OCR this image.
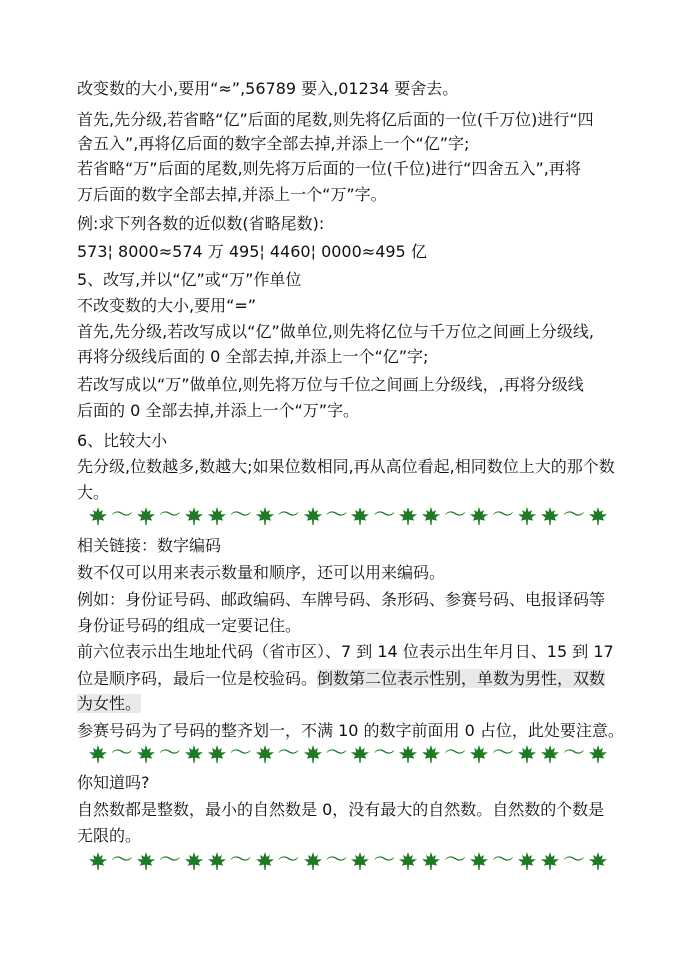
改变数的大小,要用“≈”,56789 要入,01234 要舍去。
首先,先分级,若省略“亿”后面的尾数,则先将亿后面的一位(千万位)进行“四
舍五入”,再将亿后面的数字全部去掉,并添上一个“亿”字;
若省略“万”后面的尾数,则先将万后面的一位(千位)进行“四舍五入”,再将
万后面的数字全部去掉,并添上一个“万”字。
例:求下列各数的近似数(省略尾数):
573¦ 8000≈574 万 495¦ 4460¦ 0000≈495 亿
5、改写,并以“亿”或“万”作单位
不改变数的大小,要用“=”
首先,先分级,若改写成以“亿”做单位,则先将亿位与千万位之间画上分级线,
再将分级线后面的 0 全部去掉,并添上一个“亿”字;
若改写成以“万”做单位,则先将万位与千位之间画上分级线，,再将分级线
后面的 0 全部去掉,并添上一个“万”字。
6、比较大小
先分级,位数越多,数越大;如果位数相同,再从高位看起,相同数位上大的那个数
大。
～ ～ ～ ～ ～ ～ ～ ～ ～
相关链接：数字编码
数不仅可以用来表示数量和顺序，还可以用来编码。
例如：身份证号码、邮政编码、车牌号码、条形码、参赛号码、电报译码等
身份证号码的组成一定要记住。
前六位表示出生地址代码（省市区）、7 到 14 位表示出生年月日、15 到 17
位是顺序码，最后一位是校验码。倒数第二位表示性别，单数为男性，双数
为女性。
参赛号码为了号码的整齐划一，不满 10 的数字前面用 0 占位，此处要注意。
～ ～ ～ ～ ～ ～ ～ ～ ～
你知道吗?
自然数都是整数，最小的自然数是 0，没有最大的自然数。自然数的个数是
无限的。
～ ～ ～ ～ ～ ～ ～ ～ ～
